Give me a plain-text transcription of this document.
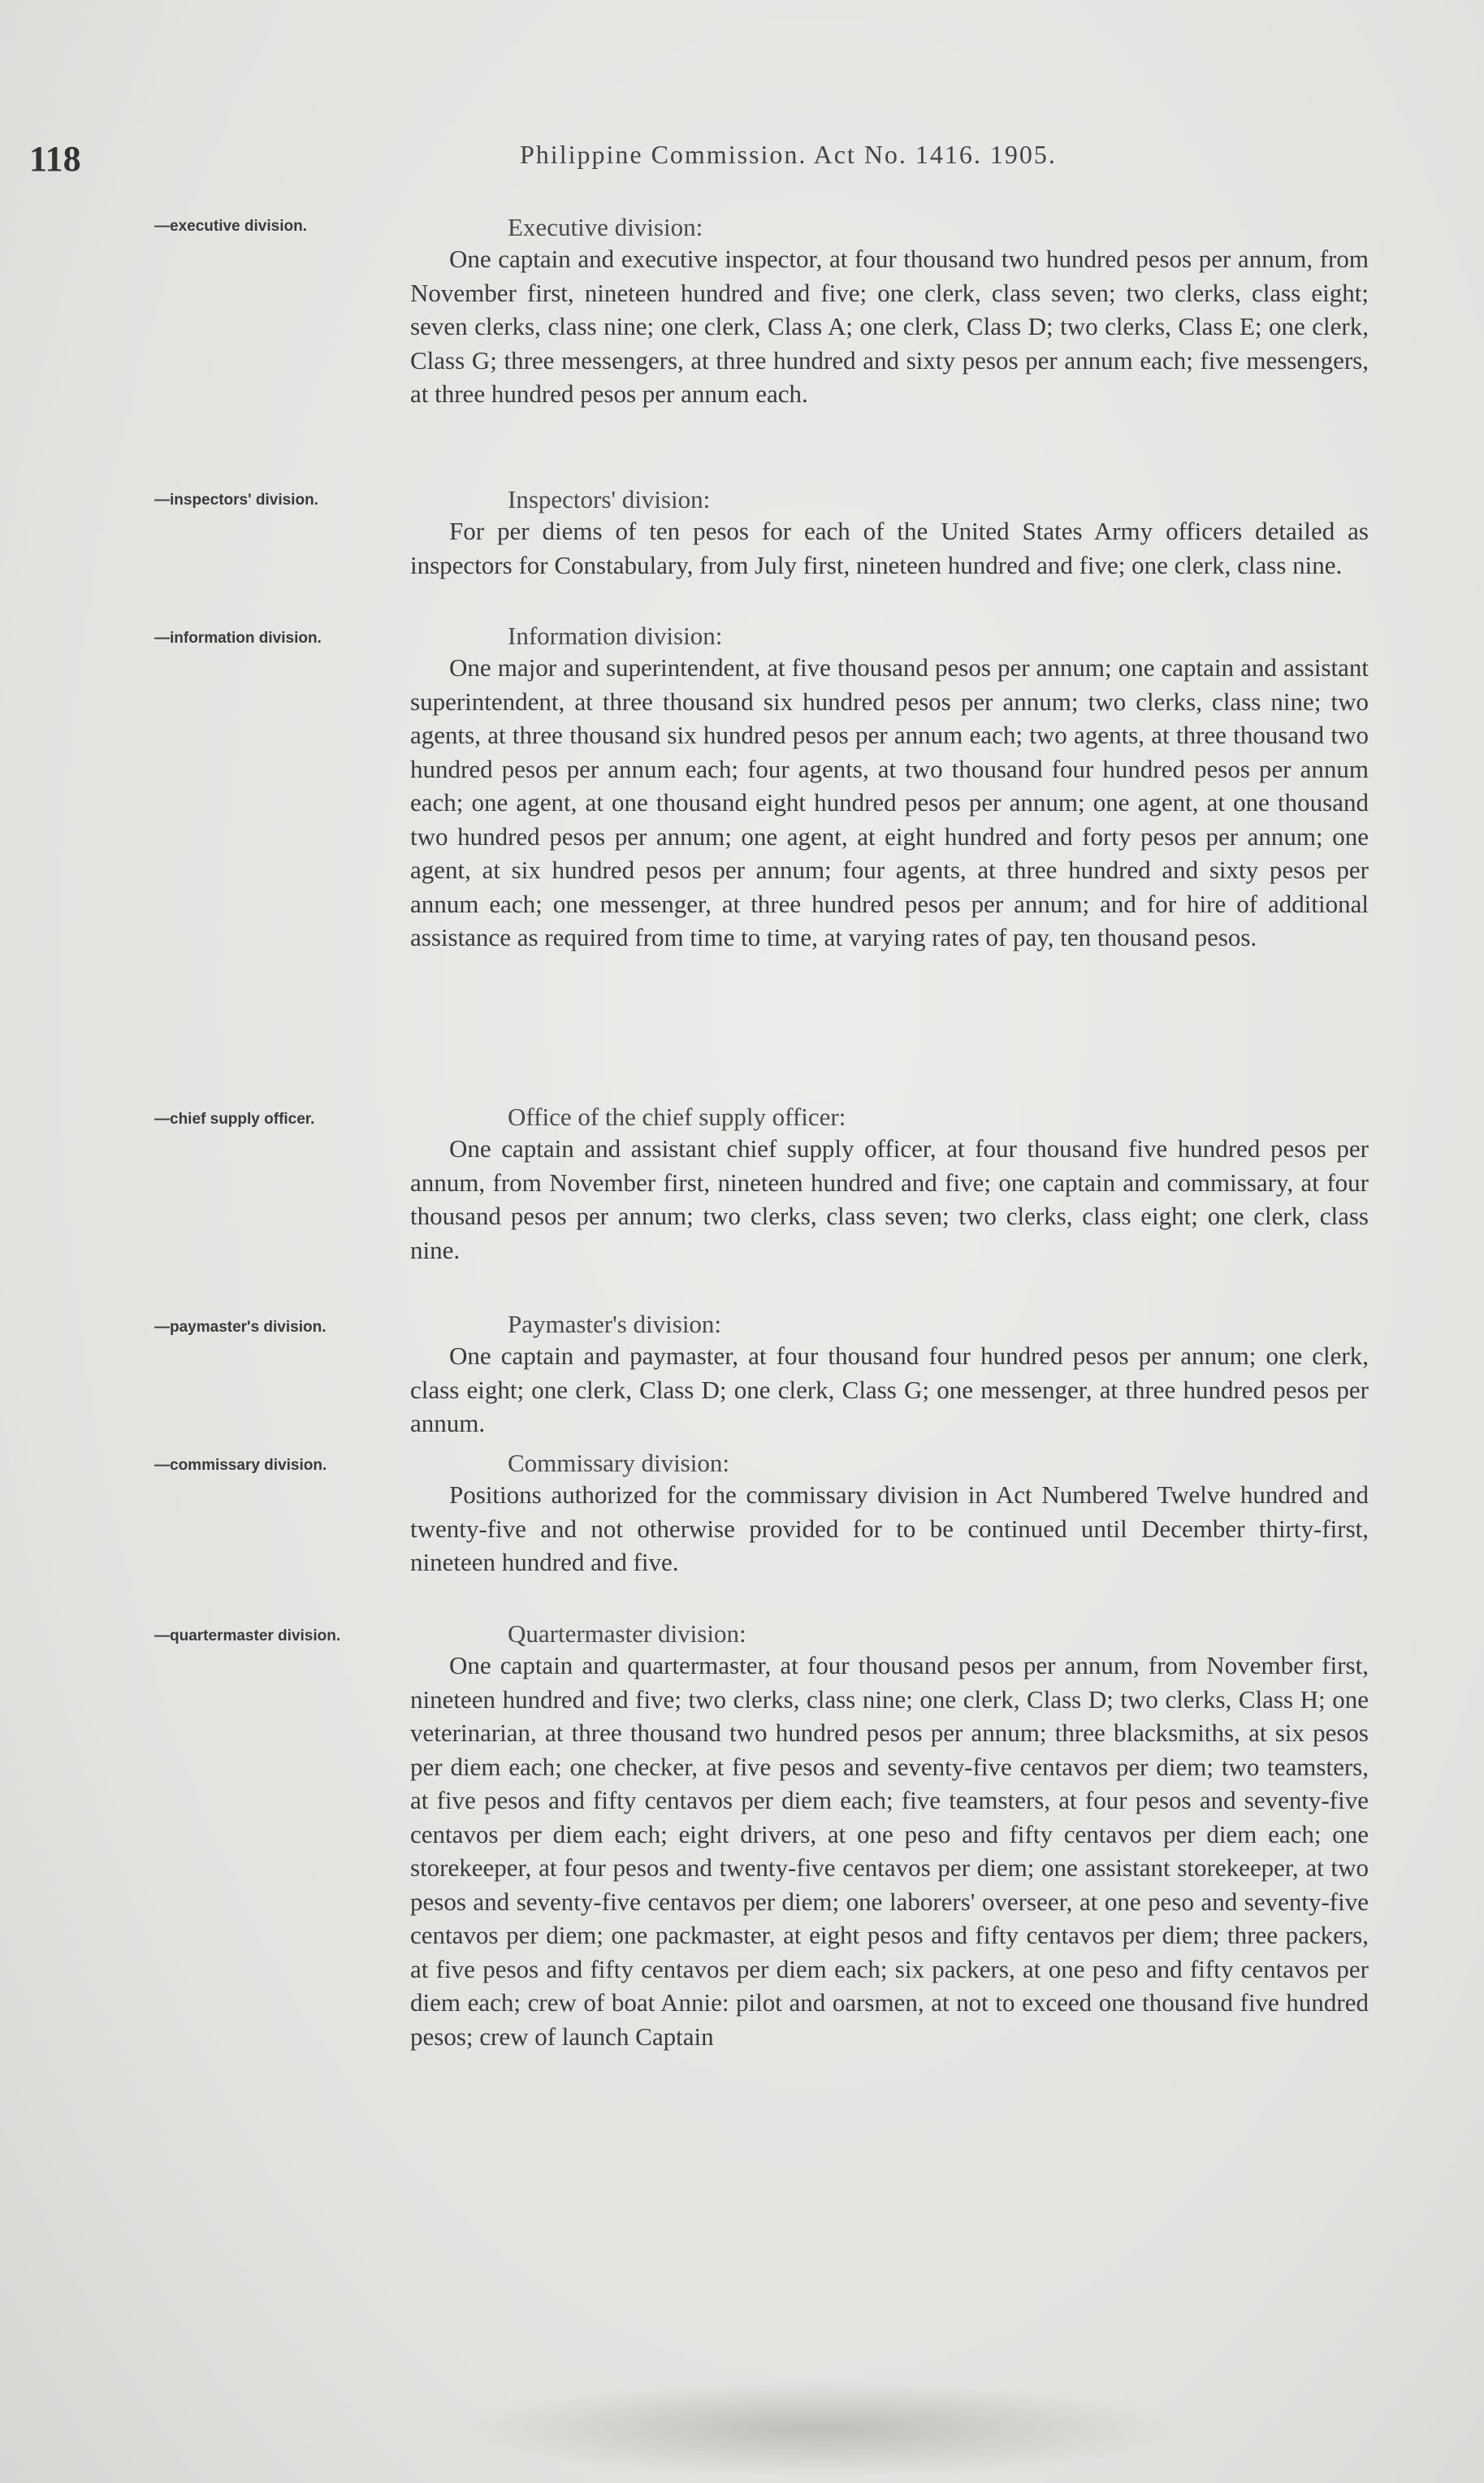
118	Philippine Commission. Act No. 1416. 1905.
—executive division.	Executive division:
One captain and executive inspector, at four thousand two hundred pesos per annum, from November first, nineteen hundred and five; one clerk, class seven; two clerks, class eight; seven clerks, class nine; one clerk, Class A; one clerk, Class D; two clerks, Class E; one clerk, Class G; three messengers, at three hundred and sixty pesos per annum each; five messengers, at three hundred pesos per annum each.
—inspectors' division.	Inspectors' division:
For per diems of ten pesos for each of the United States Army officers detailed as inspectors for Constabulary, from July first, nineteen hundred and five; one clerk, class nine.
—information division.	Information division:
One major and superintendent, at five thousand pesos per annum; one captain and assistant superintendent, at three thousand six hundred pesos per annum; two clerks, class nine; two agents, at three thousand six hundred pesos per annum each; two agents, at three thousand two hundred pesos per annum each; four agents, at two thousand four hundred pesos per annum each; one agent, at one thousand eight hundred pesos per annum; one agent, at one thousand two hundred pesos per annum; one agent, at eight hundred and forty pesos per annum; one agent, at six hundred pesos per annum; four agents, at three hundred and sixty pesos per annum each; one messenger, at three hundred pesos per annum; and for hire of additional assistance as required from time to time, at varying rates of pay, ten thousand pesos.
—chief supply officer.	Office of the chief supply officer:
One captain and assistant chief supply officer, at four thousand five hundred pesos per annum, from November first, nineteen hundred and five; one captain and commissary, at four thousand pesos per annum; two clerks, class seven; two clerks, class eight; one clerk, class nine.
—paymaster's division.	Paymaster's division:
One captain and paymaster, at four thousand four hundred pesos per annum; one clerk, class eight; one clerk, Class D; one clerk, Class G; one messenger, at three hundred pesos per annum.
—commissary division.	Commissary division:
Positions authorized for the commissary division in Act Numbered Twelve hundred and twenty-five and not otherwise provided for to be continued until December thirty-first, nineteen hundred and five.
—quartermaster division.	Quartermaster division:
One captain and quartermaster, at four thousand pesos per annum, from November first, nineteen hundred and five; two clerks, class nine; one clerk, Class D; two clerks, Class H; one veterinarian, at three thousand two hundred pesos per annum; three blacksmiths, at six pesos per diem each; one checker, at five pesos and seventy-five centavos per diem; two teamsters, at five pesos and fifty centavos per diem each; five teamsters, at four pesos and seventy-five centavos per diem each; eight drivers, at one peso and fifty centavos per diem each; one storekeeper, at four pesos and twenty-five centavos per diem; one assistant storekeeper, at two pesos and seventy-five centavos per diem; one laborers' overseer, at one peso and seventy-five centavos per diem; one packmaster, at eight pesos and fifty centavos per diem; three packers, at five pesos and fifty centavos per diem each; six packers, at one peso and fifty centavos per diem each; crew of boat Annie: pilot and oarsmen, at not to exceed one thousand five hundred pesos; crew of launch Captain
